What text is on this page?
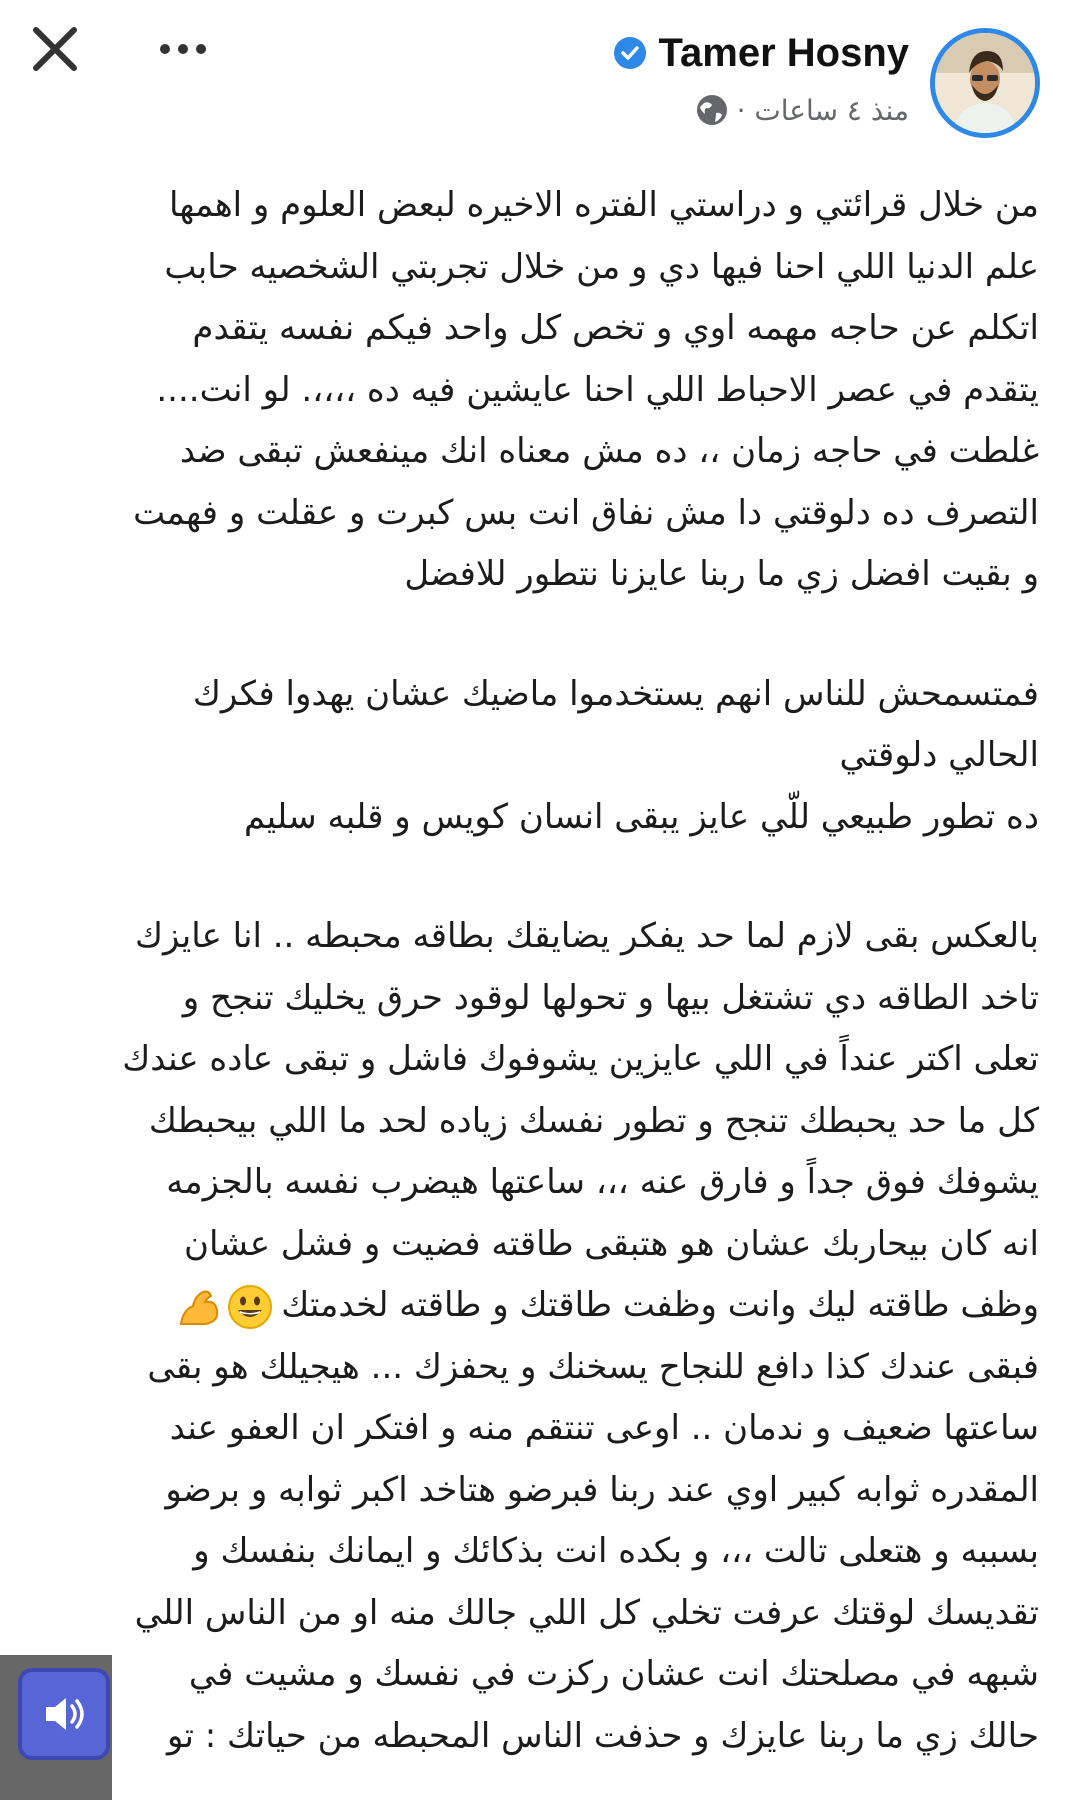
Tamer Hosny
منذ ٤ ساعات ·
من خلال قرائتي و دراستي الفتره الاخيره لبعض العلوم و اهمها
علم الدنيا اللي احنا فيها دي و من خلال تجربتي الشخصيه حابب
اتكلم عن حاجه مهمه اوي و تخص كل واحد فيكم نفسه يتقدم
يتقدم في عصر الاحباط اللي احنا عايشين فيه ده ،،،،. لو انت....
غلطت في حاجه زمان ،، ده مش معناه انك مينفعش تبقى ضد
التصرف ده دلوقتي دا مش نفاق انت بس كبرت و عقلت و فهمت
و بقيت افضل زي ما ربنا عايزنا نتطور للافضل
فمتسمحش للناس انهم يستخدموا ماضيك عشان يهدوا فكرك
الحالي دلوقتي
ده تطور طبيعي للّي عايز يبقى انسان كويس و قلبه سليم
بالعكس بقى لازم لما حد يفكر يضايقك بطاقه محبطه .. انا عايزك
تاخد الطاقه دي تشتغل بيها و تحولها لوقود حرق يخليك تنجح و
تعلى اكتر عنداً في اللي عايزين يشوفوك فاشل و تبقى عاده عندك
كل ما حد يحبطك تنجح و تطور نفسك زياده لحد ما اللي بيحبطك
يشوفك فوق جداً و فارق عنه ،،، ساعتها هيضرب نفسه بالجزمه
انه كان بيحاربك عشان هو هتبقى طاقته فضيت و فشل عشان
وظف طاقته ليك وانت وظفت طاقتك و طاقته لخدمتك
فبقى عندك كذا دافع للنجاح يسخنك و يحفزك ... هيجيلك هو بقى
ساعتها ضعيف و ندمان .. اوعى تنتقم منه و افتكر ان العفو عند
المقدره ثوابه كبير اوي عند ربنا فبرضو هتاخد اكبر ثوابه و برضو
بسببه و هتعلى تالت ،،، و بكده انت بذكائك و ايمانك بنفسك و
تقديسك لوقتك عرفت تخلي كل اللي جالك منه او من الناس اللي
شبهه في مصلحتك انت عشان ركزت في نفسك و مشيت في
حالك زي ما ربنا عايزك و حذفت الناس المحبطه من حياتك : تو
